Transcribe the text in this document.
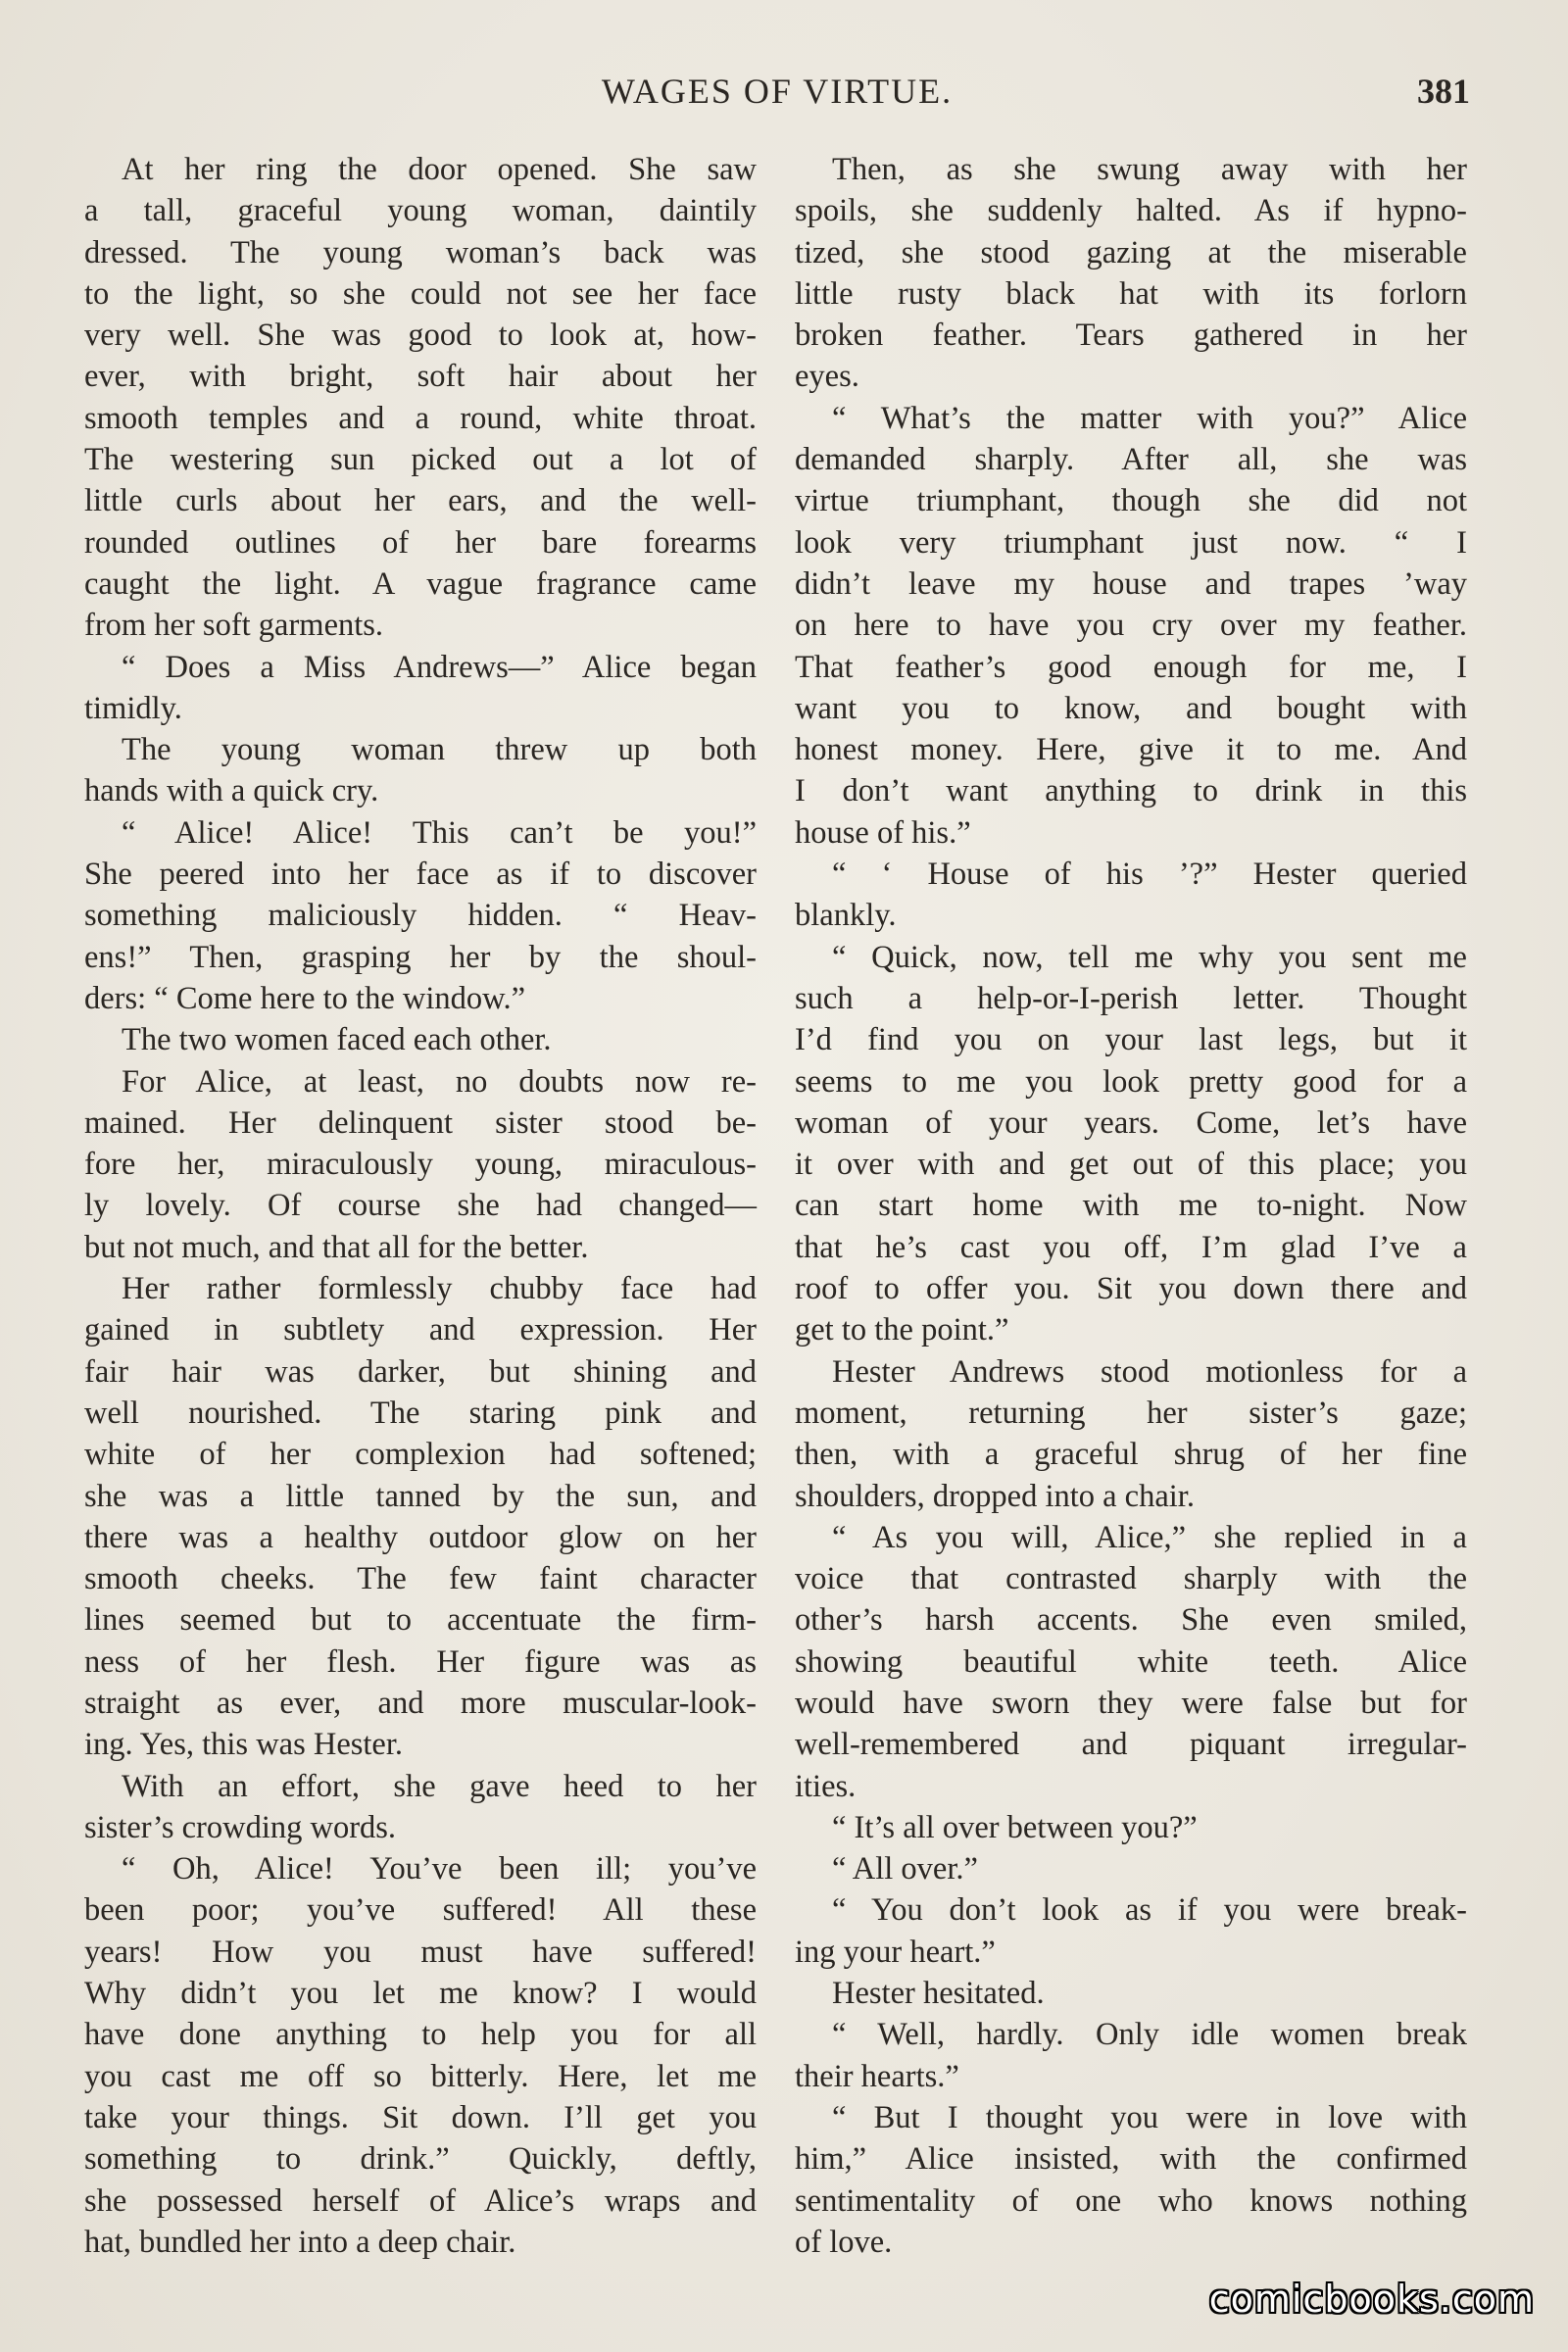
WAGES OF VIRTUE.	381
At her ring the door opened. She saw
a tall, graceful young woman, daintily
dressed. The young woman’s back was
to the light, so she could not see her face
very well. She was good to look at, how-
ever, with bright, soft hair about her
smooth temples and a round, white throat.
The westering sun picked out a lot of
little curls about her ears, and the well-
rounded outlines of her bare forearms
caught the light. A vague fragrance came
from her soft garments.
“ Does a Miss Andrews—” Alice began
timidly.
The young woman threw up both
hands with a quick cry.
“ Alice! Alice! This can’t be you!”
She peered into her face as if to discover
something maliciously hidden. “ Heav-
ens!” Then, grasping her by the shoul-
ders: “ Come here to the window.”
The two women faced each other.
For Alice, at least, no doubts now re-
mained. Her delinquent sister stood be-
fore her, miraculously young, miraculous-
ly lovely. Of course she had changed—
but not much, and that all for the better.
Her rather formlessly chubby face had
gained in subtlety and expression. Her
fair hair was darker, but shining and
well nourished. The staring pink and
white of her complexion had softened;
she was a little tanned by the sun, and
there was a healthy outdoor glow on her
smooth cheeks. The few faint character
lines seemed but to accentuate the firm-
ness of her flesh. Her figure was as
straight as ever, and more muscular-look-
ing. Yes, this was Hester.
With an effort, she gave heed to her
sister’s crowding words.
“ Oh, Alice! You’ve been ill; you’ve
been poor; you’ve suffered! All these
years! How you must have suffered!
Why didn’t you let me know? I would
have done anything to help you for all
you cast me off so bitterly. Here, let me
take your things. Sit down. I’ll get you
something to drink.” Quickly, deftly,
she possessed herself of Alice’s wraps and
hat, bundled her into a deep chair.
Then, as she swung away with her
spoils, she suddenly halted. As if hypno-
tized, she stood gazing at the miserable
little rusty black hat with its forlorn
broken feather. Tears gathered in her
eyes.
“ What’s the matter with you?” Alice
demanded sharply. After all, she was
virtue triumphant, though she did not
look very triumphant just now. “ I
didn’t leave my house and trapes ’way
on here to have you cry over my feather.
That feather’s good enough for me, I
want you to know, and bought with
honest money. Here, give it to me. And
I don’t want anything to drink in this
house of his.”
“ ‘ House of his ’?” Hester queried
blankly.
“ Quick, now, tell me why you sent me
such a help-or-I-perish letter. Thought
I’d find you on your last legs, but it
seems to me you look pretty good for a
woman of your years. Come, let’s have
it over with and get out of this place; you
can start home with me to-night. Now
that he’s cast you off, I’m glad I’ve a
roof to offer you. Sit you down there and
get to the point.”
Hester Andrews stood motionless for a
moment, returning her sister’s gaze;
then, with a graceful shrug of her fine
shoulders, dropped into a chair.
“ As you will, Alice,” she replied in a
voice that contrasted sharply with the
other’s harsh accents. She even smiled,
showing beautiful white teeth. Alice
would have sworn they were false but for
well-remembered and piquant irregular-
ities.
“ It’s all over between you?”
“ All over.”
“ You don’t look as if you were break-
ing your heart.”
Hester hesitated.
“ Well, hardly. Only idle women break
their hearts.”
“ But I thought you were in love with
him,” Alice insisted, with the confirmed
sentimentality of one who knows nothing
of love.
comicbooks.com
